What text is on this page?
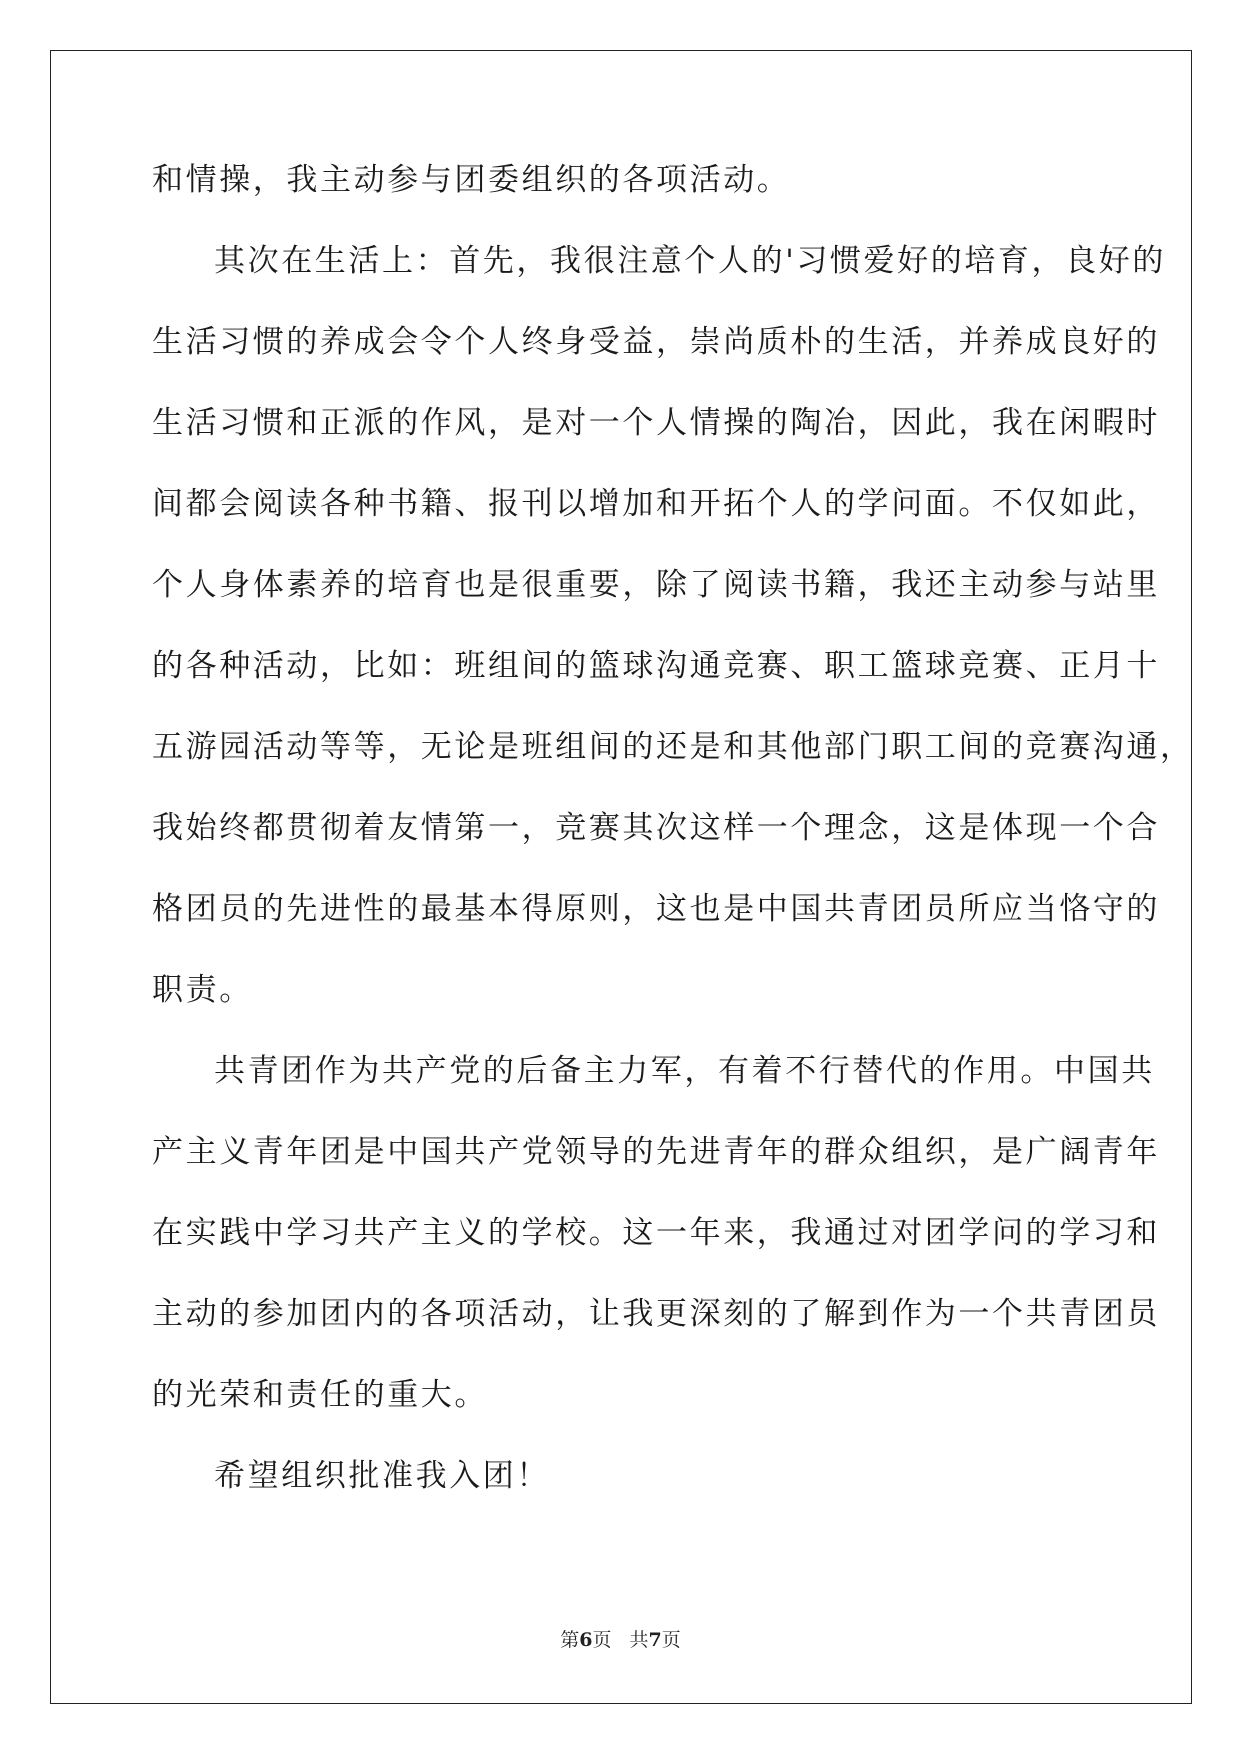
和情操，我主动参与团委组织的各项活动。
其次在生活上：首先，我很注意个人的'习惯爱好的培育，良好的
生活习惯的养成会令个人终身受益，崇尚质朴的生活，并养成良好的
生活习惯和正派的作风，是对一个人情操的陶冶，因此，我在闲暇时
间都会阅读各种书籍、报刊以增加和开拓个人的学问面。不仅如此，
个人身体素养的培育也是很重要，除了阅读书籍，我还主动参与站里
的各种活动，比如：班组间的篮球沟通竞赛、职工篮球竞赛、正月十
五游园活动等等，无论是班组间的还是和其他部门职工间的竞赛沟通，
我始终都贯彻着友情第一，竞赛其次这样一个理念，这是体现一个合
格团员的先进性的最基本得原则，这也是中国共青团员所应当恪守的
职责。
共青团作为共产党的后备主力军，有着不行替代的作用。中国共
产主义青年团是中国共产党领导的先进青年的群众组织，是广阔青年
在实践中学习共产主义的学校。这一年来，我通过对团学问的学习和
主动的参加团内的各项活动，让我更深刻的了解到作为一个共青团员
的光荣和责任的重大。
希望组织批准我入团！
第6页 共7页
